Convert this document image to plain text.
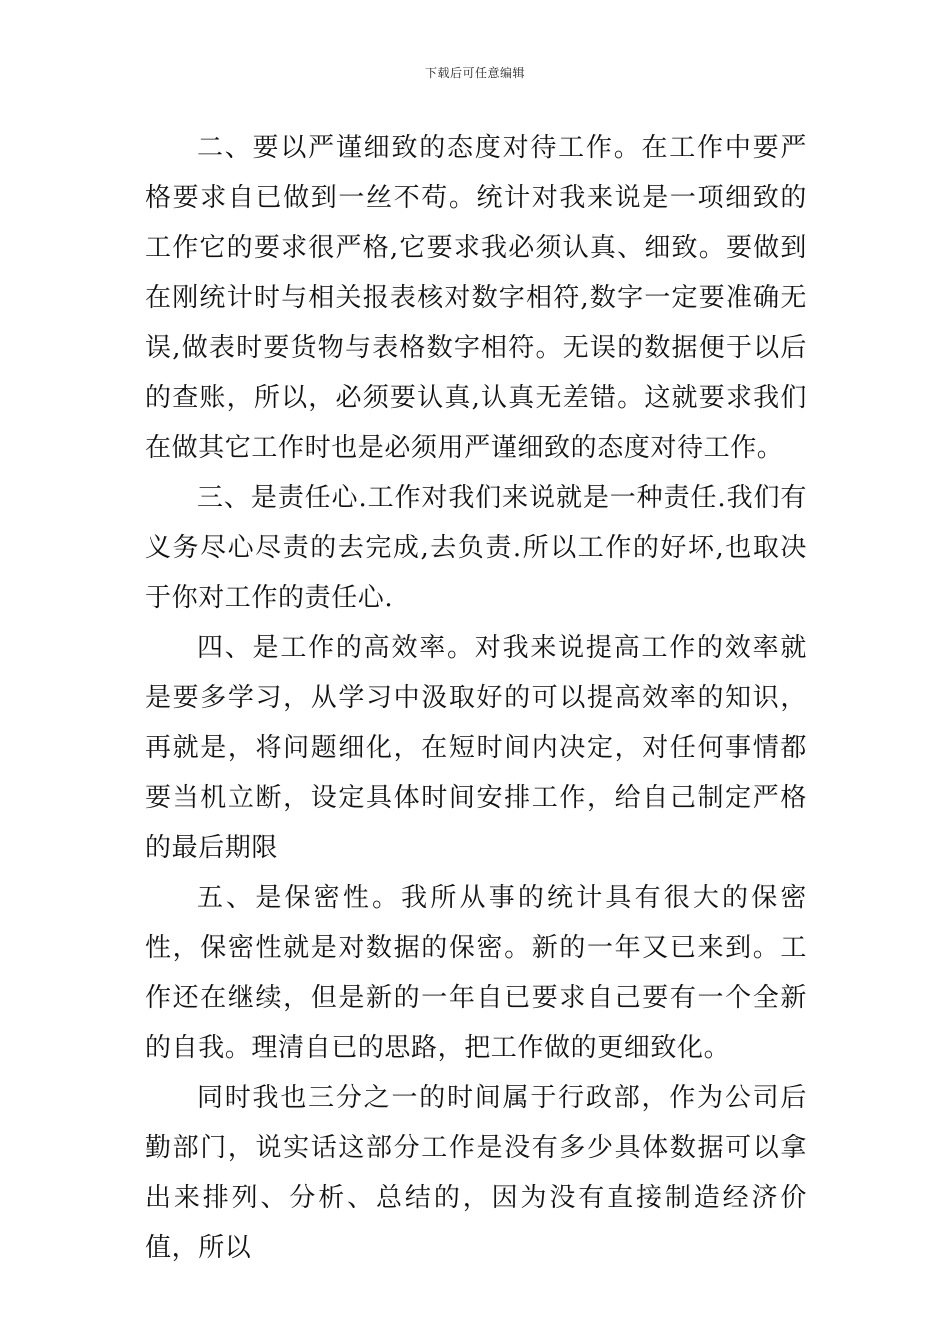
下载后可任意编辑

二、要以严谨细致的态度对待工作。在工作中要严格要求自已做到一丝不苟。统计对我来说是一项细致的工作它的要求很严格,它要求我必须认真、细致。要做到在刚统计时与相关报表核对数字相符,数字一定要准确无误,做表时要货物与表格数字相符。无误的数据便于以后的查账，所以，必须要认真,认真无差错。这就要求我们在做其它工作时也是必须用严谨细致的态度对待工作。

三、是责任心.工作对我们来说就是一种责任.我们有义务尽心尽责的去完成,去负责.所以工作的好坏,也取决于你对工作的责任心.

四、是工作的高效率。对我来说提高工作的效率就是要多学习，从学习中汲取好的可以提高效率的知识，再就是，将问题细化，在短时间内决定，对任何事情都要当机立断，设定具体时间安排工作，给自己制定严格的最后期限

五、是保密性。我所从事的统计具有很大的保密性，保密性就是对数据的保密。新的一年又已来到。工作还在继续，但是新的一年自已要求自己要有一个全新的自我。理清自已的思路，把工作做的更细致化。

同时我也三分之一的时间属于行政部，作为公司后勤部门，说实话这部分工作是没有多少具体数据可以拿出来排列、分析、总结的，因为没有直接制造经济价值，所以
